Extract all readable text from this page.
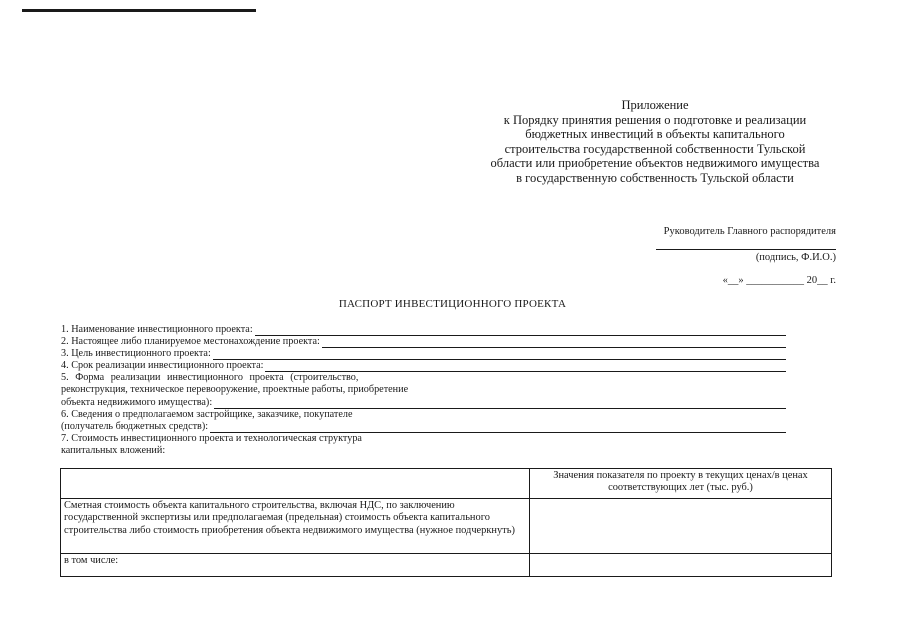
Приложение
к Порядку принятия решения о подготовке и реализации
бюджетных инвестиций в объекты капитального
строительства государственной собственности Тульской
области или приобретение объектов недвижимого имущества
в государственную собственность Тульской области
Руководитель Главного распорядителя
(подпись, Ф.И.О.)
«__» ___________ 20__ г.
ПАСПОРТ ИНВЕСТИЦИОННОГО ПРОЕКТА
1. Наименование инвестиционного проекта:
2. Настоящее либо планируемое местонахождение проекта:
3. Цель инвестиционного проекта:
4. Срок реализации инвестиционного проекта:
5. Форма реализации инвестиционного проекта (строительство,
реконструкция, техническое перевооружение, проектные работы, приобретение
объекта недвижимого имущества):
6. Сведения о предполагаемом застройщике, заказчике, покупателе
(получатель бюджетных средств):
7. Стоимость инвестиционного проекта и технологическая структура
капитальных вложений:
	Значения показателя по проекту в текущих ценах/в ценах соответствующих лет (тыс. руб.)
Сметная стоимость объекта капитального строительства, включая НДС, по заключению государственной экспертизы или предполагаемая (предельная) стоимость объекта капитального строительства либо стоимость приобретения объекта недвижимого имущества (нужное подчеркнуть)	
в том числе:	
